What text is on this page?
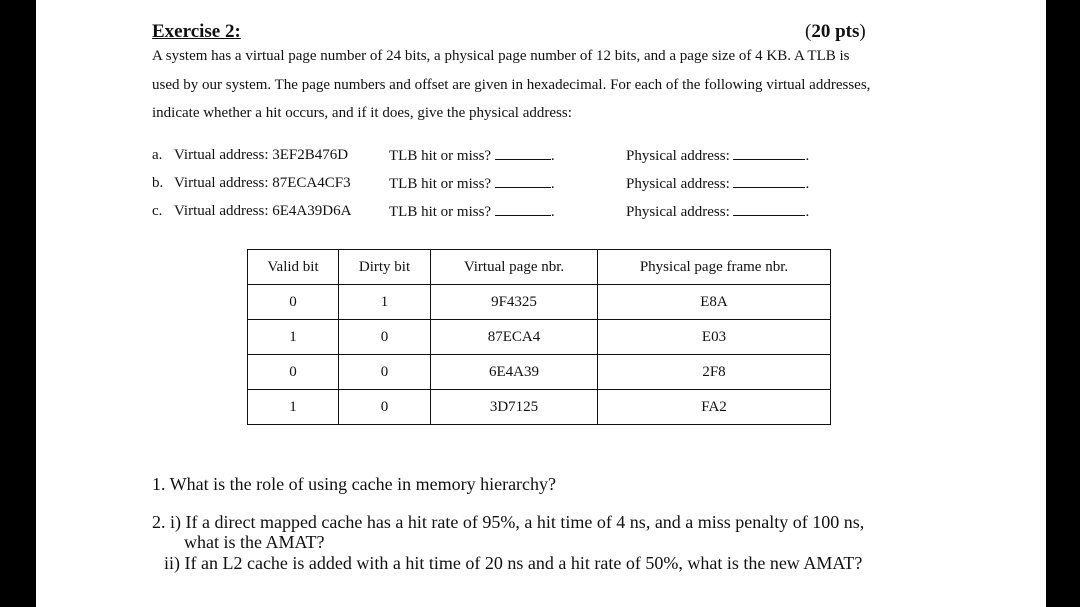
Exercise 2:	(20 pts)
A system has a virtual page number of 24 bits, a physical page number of 12 bits, and a page size of 4 KB. A TLB is
used by our system. The page numbers and offset are given in hexadecimal. For each of the following virtual addresses,
indicate whether a hit occurs, and if it does, give the physical address:
a. Virtual address: 3EF2B476D	TLB hit or miss?	.	Physical address:	.
b. Virtual address: 87ECA4CF3	TLB hit or miss?	.	Physical address:	.
c. Virtual address: 6E4A39D6A	TLB hit or miss?	.	Physical address:	.
Valid bit	Dirty bit	Virtual page nbr.	Physical page frame nbr.
0	1	9F4325	E8A
1	0	87ECA4	E03
0	0	6E4A39	2F8
1	0	3D7125	FA2
1. What is the role of using cache in memory hierarchy?
2. i) If a direct mapped cache has a hit rate of 95%, a hit time of 4 ns, and a miss penalty of 100 ns,
what is the AMAT?
ii) If an L2 cache is added with a hit time of 20 ns and a hit rate of 50%, what is the new AMAT?
